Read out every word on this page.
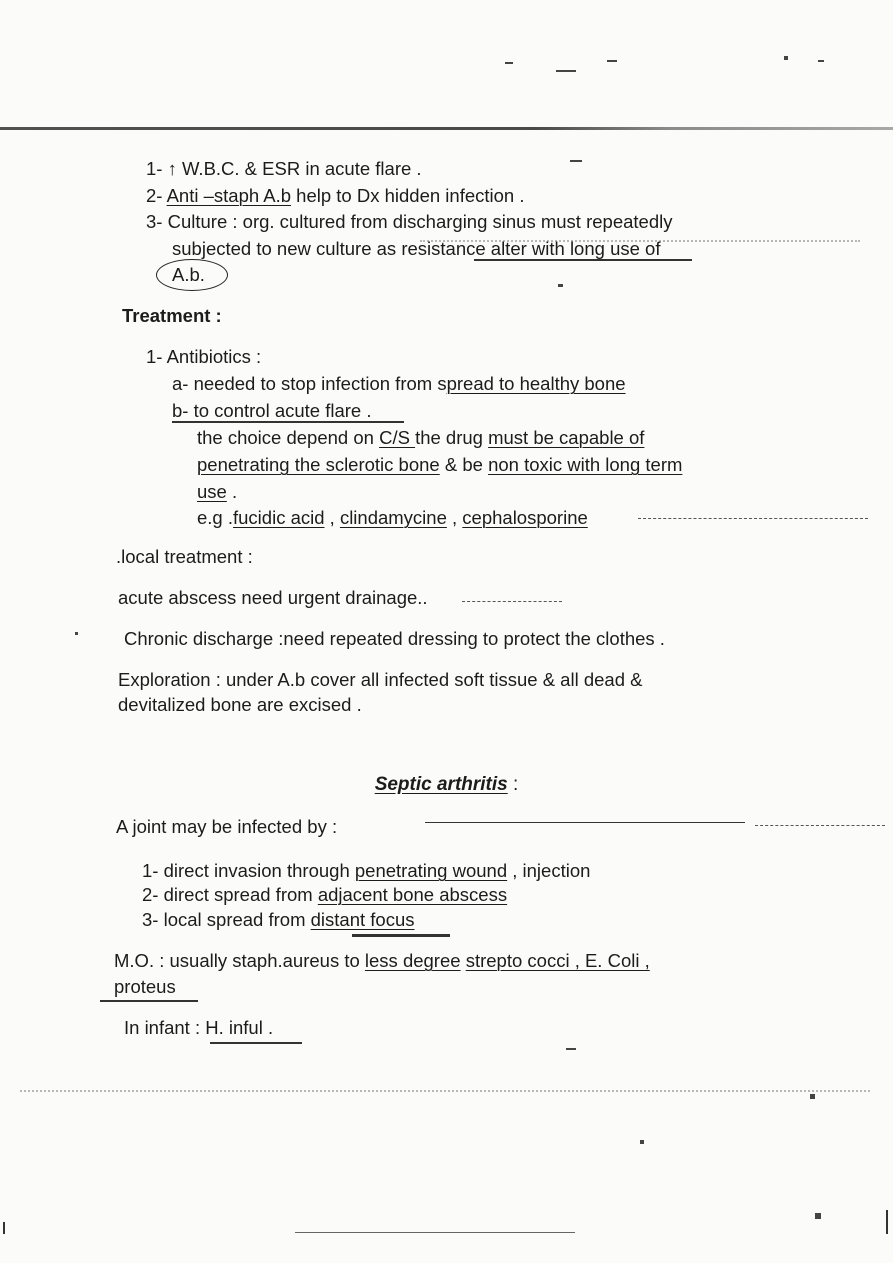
1- ↑ W.B.C. & ESR in acute flare .
2- Anti –staph A.b help to Dx hidden infection .
3- Culture : org. cultured from discharging sinus must repeatedly
subjected to new culture as resistance alter with long use of
A.b.
Treatment :
1- Antibiotics :
a- needed to stop infection from spread to healthy bone
b- to control acute flare .
the choice depend on C/S the drug must be capable of
penetrating the sclerotic bone & be non toxic with long term
use .
e.g .fucidic acid , clindamycine , cephalosporine
.local treatment :
acute abscess need urgent drainage..
Chronic discharge :need repeated dressing to protect the clothes .
Exploration : under A.b cover all infected soft tissue & all dead &
devitalized bone are excised .
Septic arthritis :
A joint may be infected by :
1- direct invasion through penetrating wound , injection
2- direct spread from adjacent bone abscess
3- local spread from distant focus
M.O. : usually staph.aureus to less degree strepto cocci , E. Coli ,
proteus
In infant : H. inful .
